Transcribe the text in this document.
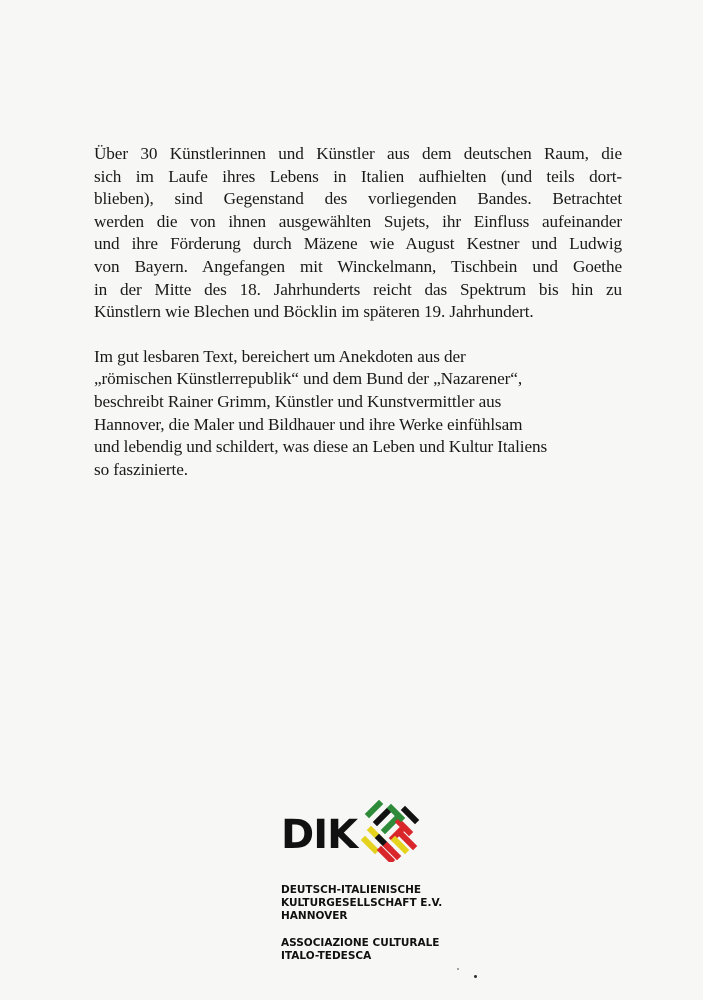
Über 30 Künstlerinnen und Künstler aus dem deutschen Raum, die
sich im Laufe ihres Lebens in Italien aufhielten (und teils dort-
blieben), sind Gegenstand des vorliegenden Bandes. Betrachtet
werden die von ihnen ausgewählten Sujets, ihr Einfluss aufeinander
und ihre Förderung durch Mäzene wie August Kestner und Ludwig
von Bayern. Angefangen mit Winckelmann, Tischbein und Goethe
in der Mitte des 18. Jahrhunderts reicht das Spektrum bis hin zu
Künstlern wie Blechen und Böcklin im späteren 19. Jahrhundert.
Im gut lesbaren Text, bereichert um Anekdoten aus der
„römischen Künstlerrepublik“ und dem Bund der „Nazarener“,
beschreibt Rainer Grimm, Künstler und Kunstvermittler aus
Hannover, die Maler und Bildhauer und ihre Werke einfühlsam
und lebendig und schildert, was diese an Leben und Kultur Italiens
so faszinierte.
DIK
DEUTSCH-ITALIENISCHE
KULTURGESELLSCHAFT E.V.
HANNOVER
ASSOCIAZIONE CULTURALE
ITALO-TEDESCA
